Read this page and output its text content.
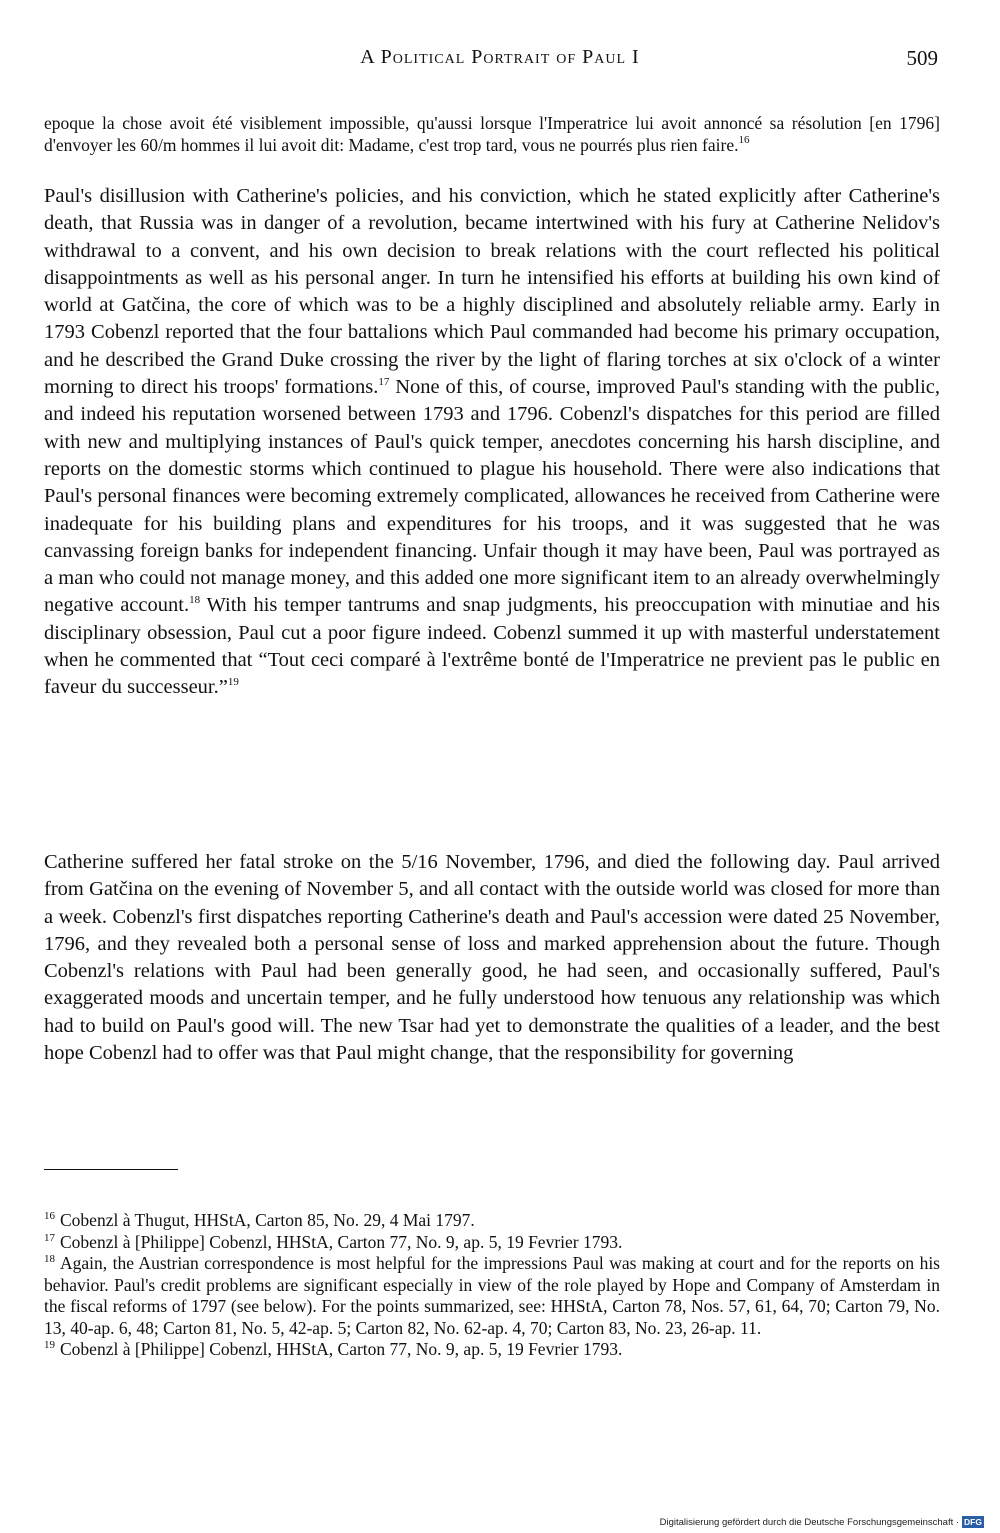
A Political Portrait of Paul I	509
epoque la chose avoit été visiblement impossible, qu'aussi lorsque l'Imperatrice lui avoit annoncé sa résolution [en 1796] d'envoyer les 60/m hommes il lui avoit dit: Madame, c'est trop tard, vous ne pourrés plus rien faire.$^{16}$
Paul's disillusion with Catherine's policies, and his conviction, which he stated explicitly after Catherine's death, that Russia was in danger of a revolution, became intertwined with his fury at Catherine Nelidov's withdrawal to a convent, and his own decision to break relations with the court reflected his political disappointments as well as his personal anger. In turn he intensified his efforts at building his own kind of world at Gatčina, the core of which was to be a highly disciplined and absolutely reliable army. Early in 1793 Cobenzl reported that the four battalions which Paul commanded had become his primary occupation, and he described the Grand Duke crossing the river by the light of flaring torches at six o'clock of a winter morning to direct his troops' formations.$^{17}$ None of this, of course, improved Paul's standing with the public, and indeed his reputation worsened between 1793 and 1796. Cobenzl's dispatches for this period are filled with new and multiplying instances of Paul's quick temper, anecdotes concerning his harsh discipline, and reports on the domestic storms which continued to plague his household. There were also indications that Paul's personal finances were becoming extremely complicated, allowances he received from Catherine were inadequate for his building plans and expenditures for his troops, and it was suggested that he was canvassing foreign banks for independent financing. Unfair though it may have been, Paul was portrayed as a man who could not manage money, and this added one more significant item to an already overwhelmingly negative account.$^{18}$ With his temper tantrums and snap judgments, his preoccupation with minutiae and his disciplinary obsession, Paul cut a poor figure indeed. Cobenzl summed it up with masterful understatement when he commented that “Tout ceci comparé à l'extrême bonté de l'Imperatrice ne previent pas le public en faveur du successeur.”$^{19}$
Catherine suffered her fatal stroke on the 5/16 November, 1796, and died the following day. Paul arrived from Gatčina on the evening of November 5, and all contact with the outside world was closed for more than a week. Cobenzl's first dispatches reporting Catherine's death and Paul's accession were dated 25 November, 1796, and they revealed both a personal sense of loss and marked apprehension about the future. Though Cobenzl's relations with Paul had been generally good, he had seen, and occasionally suffered, Paul's exaggerated moods and uncertain temper, and he fully understood how tenuous any relationship was which had to build on Paul's good will. The new Tsar had yet to demonstrate the qualities of a leader, and the best hope Cobenzl had to offer was that Paul might change, that the responsibility for governing

$^{16}$ Cobenzl à Thugut, HHStA, Carton 85, No. 29, 4 Mai 1797.

$^{17}$ Cobenzl à [Philippe] Cobenzl, HHStA, Carton 77, No. 9, ap. 5, 19 Fevrier 1793.

$^{18}$ Again, the Austrian correspondence is most helpful for the impressions Paul was making at court and for the reports on his behavior. Paul's credit problems are significant especially in view of the role played by Hope and Company of Amsterdam in the fiscal reforms of 1797 (see below). For the points summarized, see: HHStA, Carton 78, Nos. 57, 61, 64, 70; Carton 79, No. 13, 40-ap. 6, 48; Carton 81, No. 5, 42-ap. 5; Carton 82, No. 62-ap. 4, 70; Carton 83, No. 23, 26-ap. 11.

$^{19}$ Cobenzl à [Philippe] Cobenzl, HHStA, Carton 77, No. 9, ap. 5, 19 Fevrier 1793.

Digitalisierung gefördert durch die Deutsche Forschungsgemeinschaft · DFG
